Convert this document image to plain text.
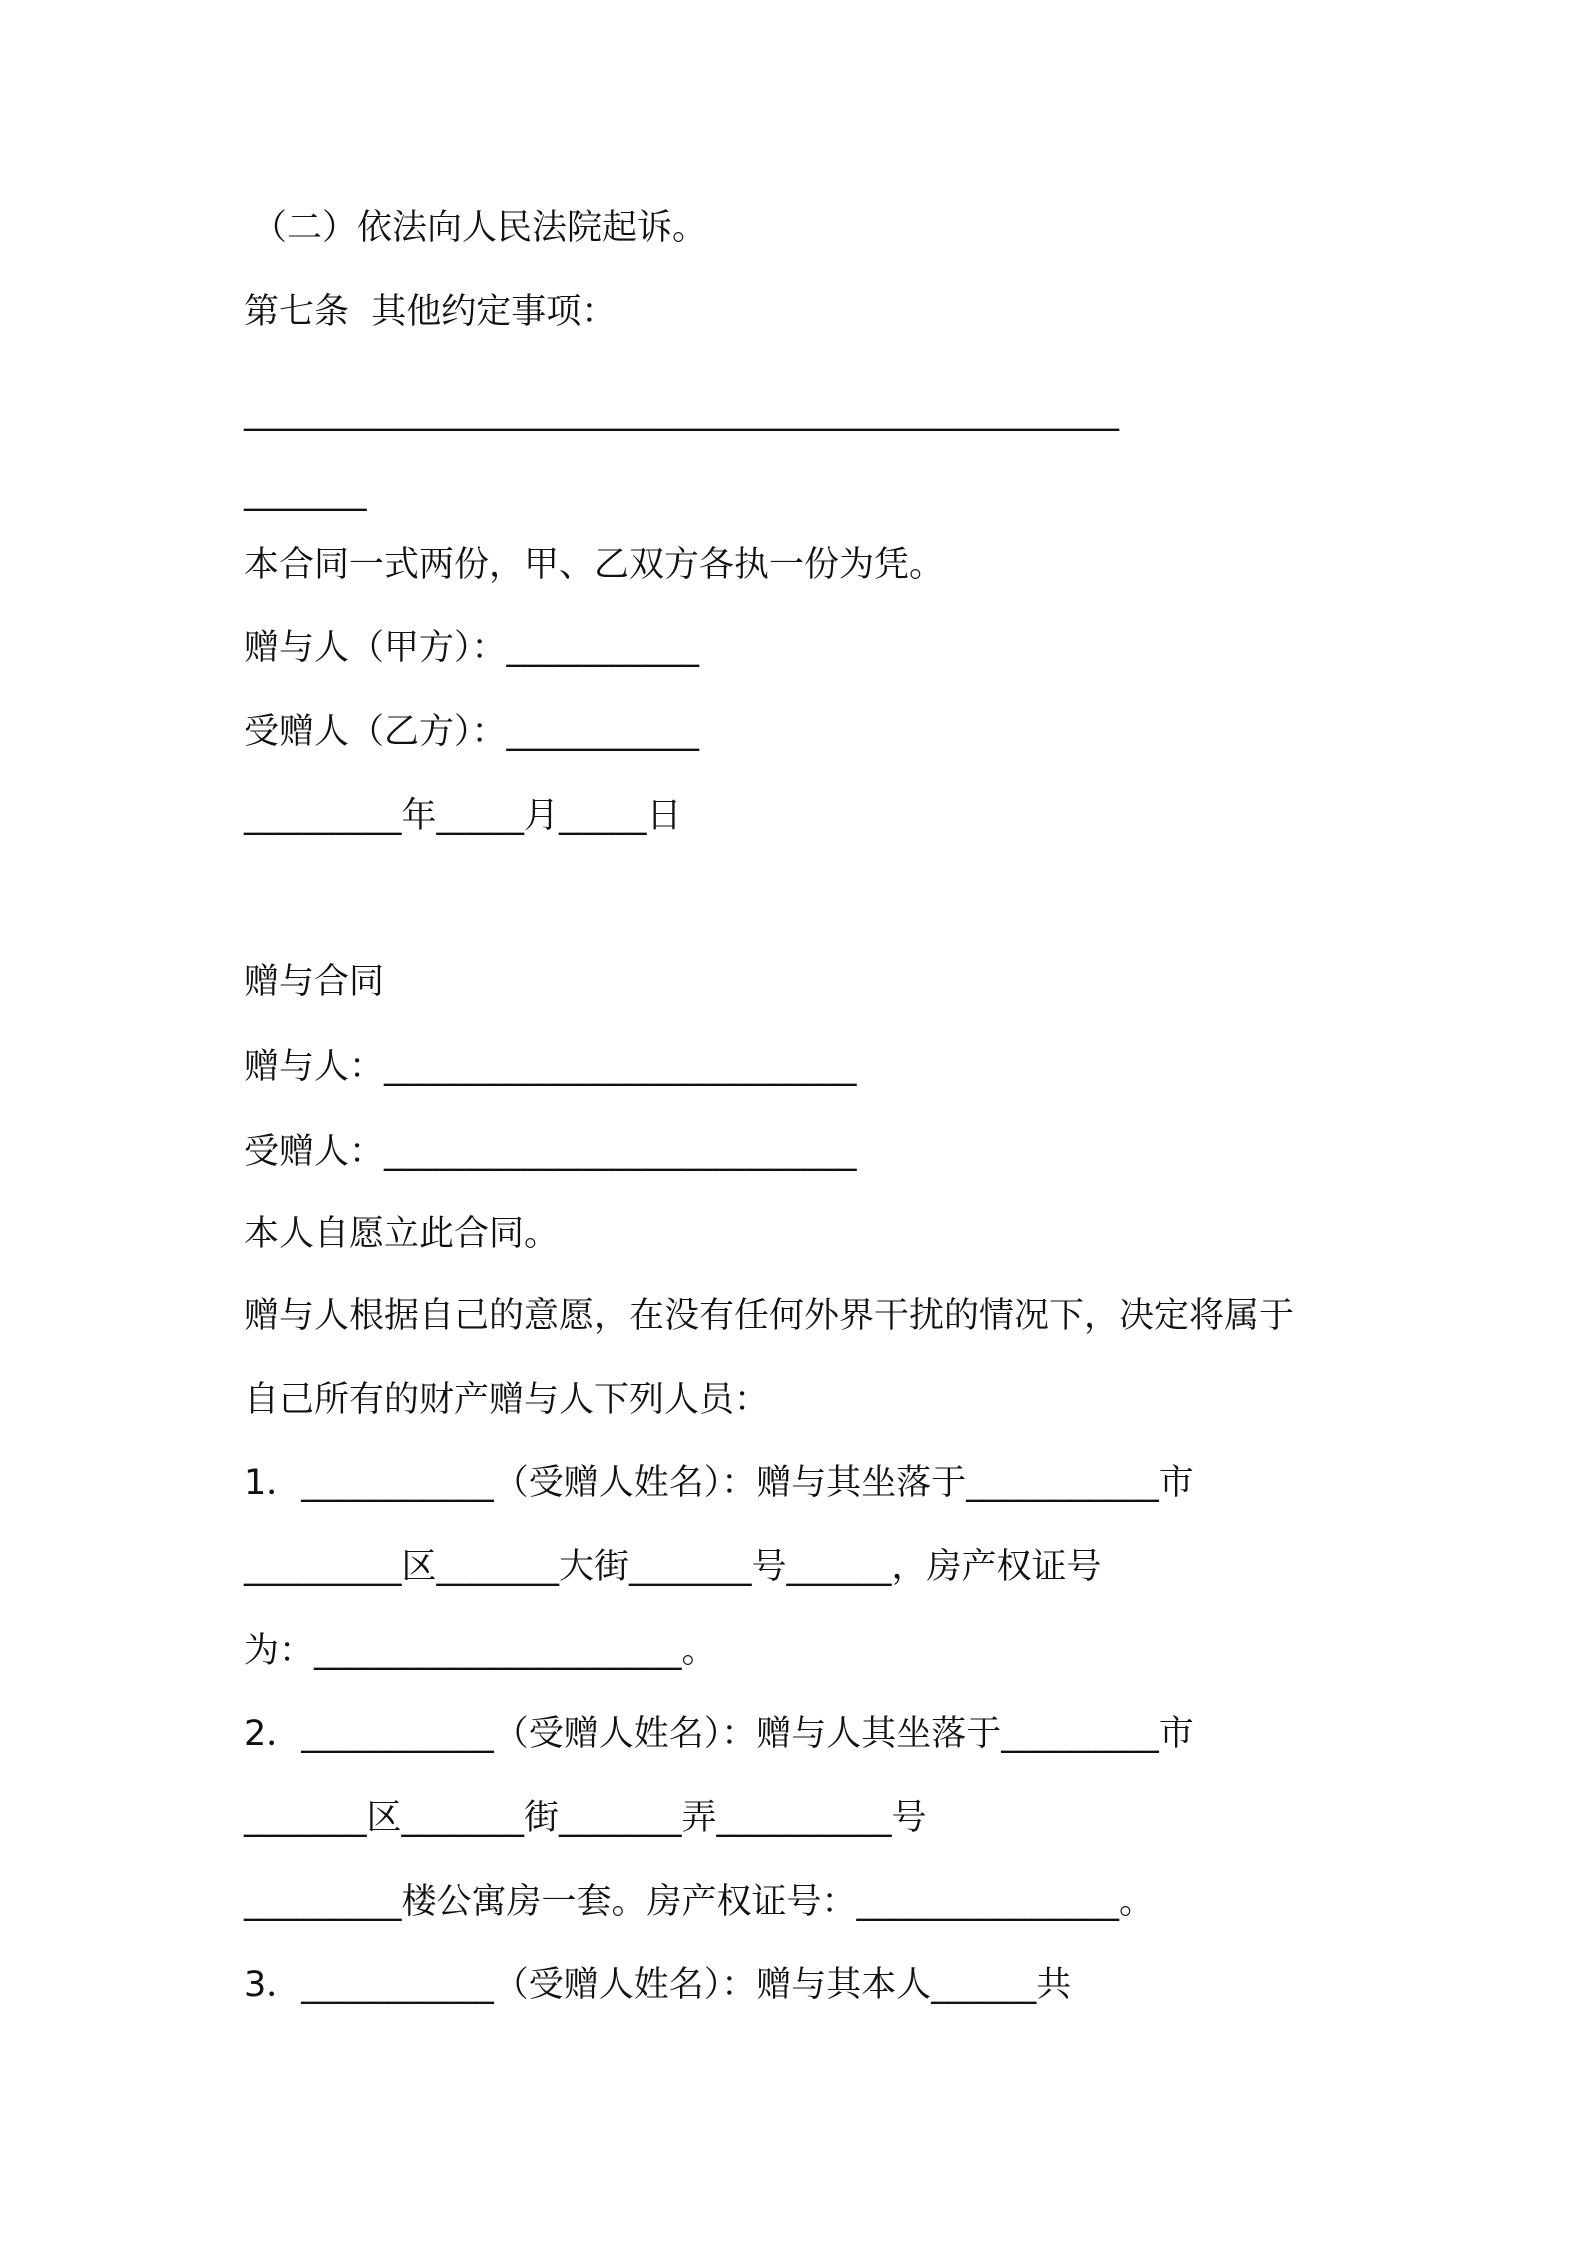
（二）依法向人民法院起诉。
第七条  其他约定事项：
__________________________________________________
_______
本合同一式两份，甲、乙双方各执一份为凭。
赠与人（甲方）：___________
受赠人（乙方）：___________
_________年_____月_____日
赠与合同
赠与人：___________________________
受赠人：___________________________
本人自愿立此合同。
赠与人根据自己的意愿，在没有任何外界干扰的情况下，决定将属于
自己所有的财产赠与人下列人员：
1．___________（受赠人姓名）：赠与其坐落于___________市
_________区_______大街_______号______，房产权证号
为：_____________________。
2．___________（受赠人姓名）：赠与人其坐落于_________市
_______区_______街_______弄__________号
_________楼公寓房一套。房产权证号：_______________。
3．___________（受赠人姓名）：赠与其本人______共
